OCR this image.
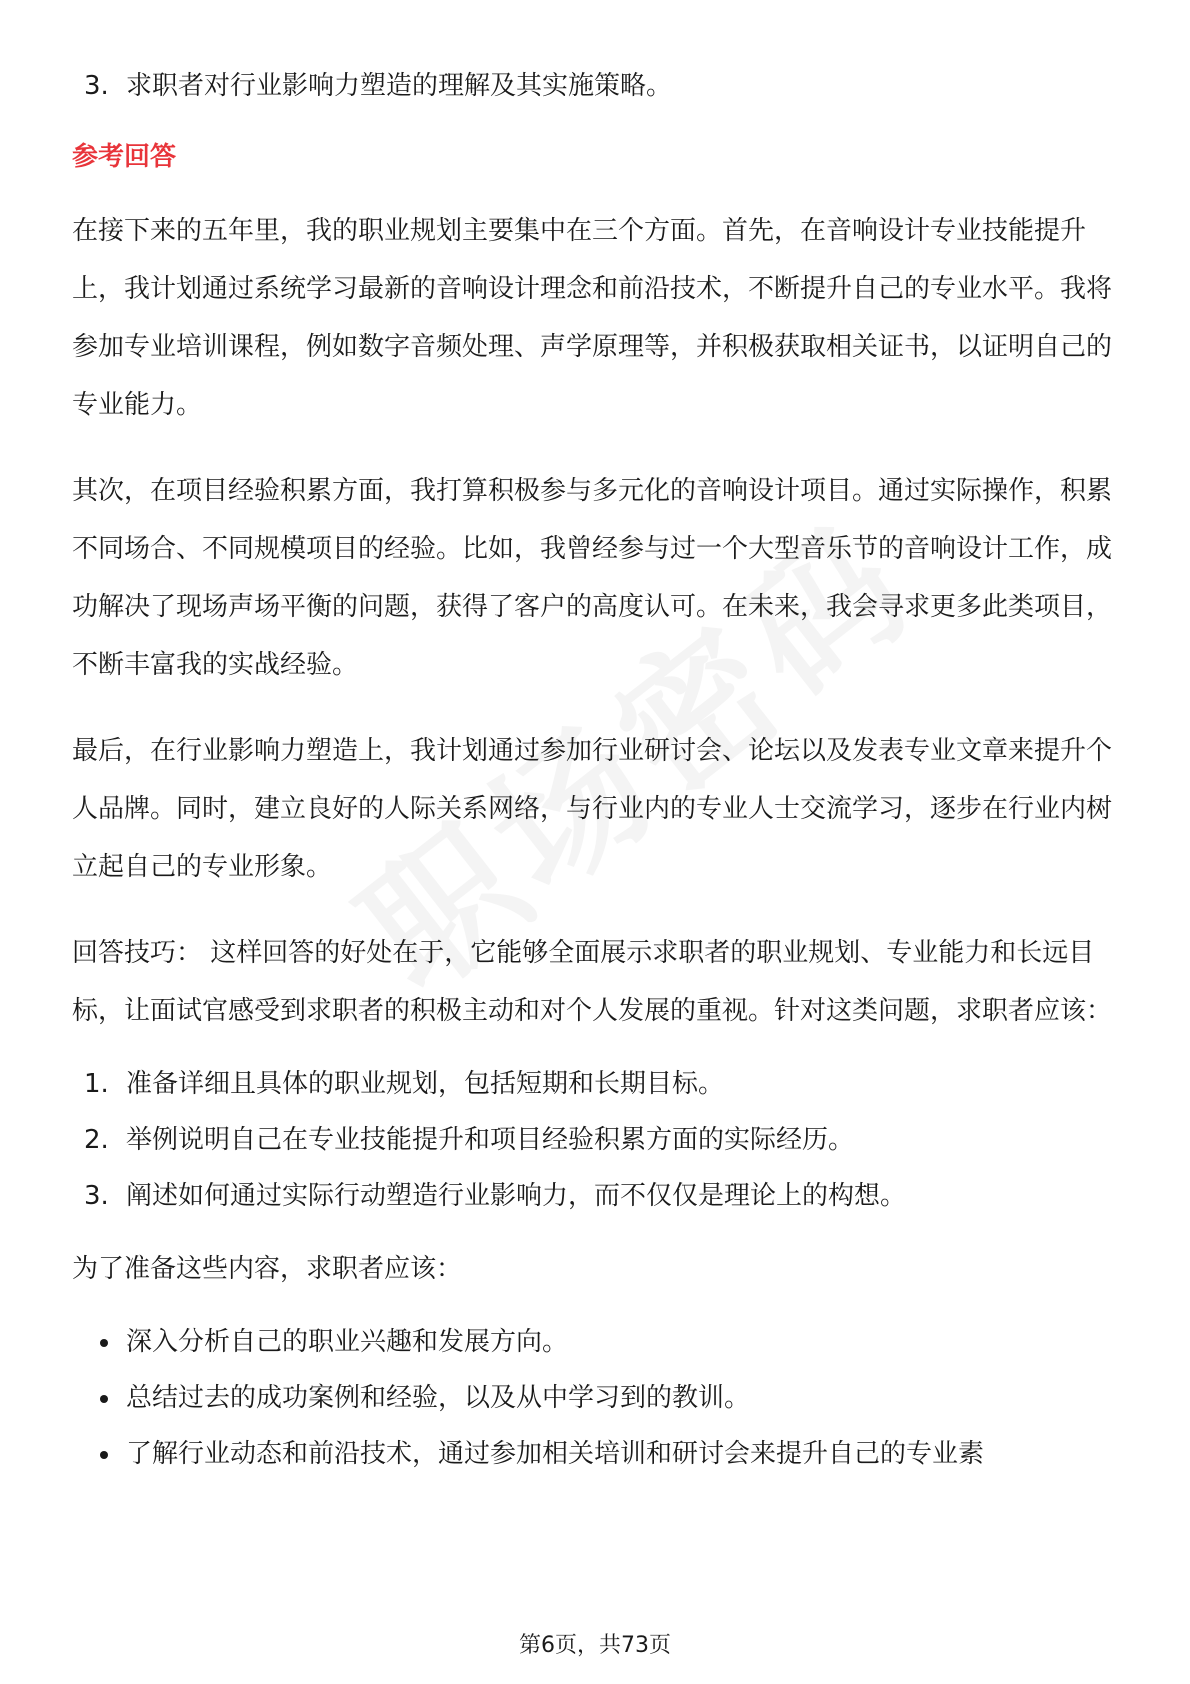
3. 求职者对行业影响力塑造的理解及其实施策略。
参考回答

在接下来的五年里，我的职业规划主要集中在三个方面。首先，在音响设计专业技能提升上，我计划通过系统学习最新的音响设计理念和前沿技术，不断提升自己的专业水平。我将参加专业培训课程，例如数字音频处理、声学原理等，并积极获取相关证书，以证明自己的专业能力。

其次，在项目经验积累方面，我打算积极参与多元化的音响设计项目。通过实际操作，积累不同场合、不同规模项目的经验。比如，我曾经参与过一个大型音乐节的音响设计工作，成功解决了现场声场平衡的问题，获得了客户的高度认可。在未来，我会寻求更多此类项目，不断丰富我的实战经验。

最后，在行业影响力塑造上，我计划通过参加行业研讨会、论坛以及发表专业文章来提升个人品牌。同时，建立良好的人际关系网络，与行业内的专业人士交流学习，逐步在行业内树立起自己的专业形象。

回答技巧： 这样回答的好处在于，它能够全面展示求职者的职业规划、专业能力和长远目标，让面试官感受到求职者的积极主动和对个人发展的重视。针对这类问题，求职者应该：

1. 准备详细且具体的职业规划，包括短期和长期目标。
2. 举例说明自己在专业技能提升和项目经验积累方面的实际经历。
3. 阐述如何通过实际行动塑造行业影响力，而不仅仅是理论上的构想。

为了准备这些内容，求职者应该：

深入分析自己的职业兴趣和发展方向。
总结过去的成功案例和经验，以及从中学习到的教训。
了解行业动态和前沿技术，通过参加相关培训和研讨会来提升自己的专业素
第6页，共73页
